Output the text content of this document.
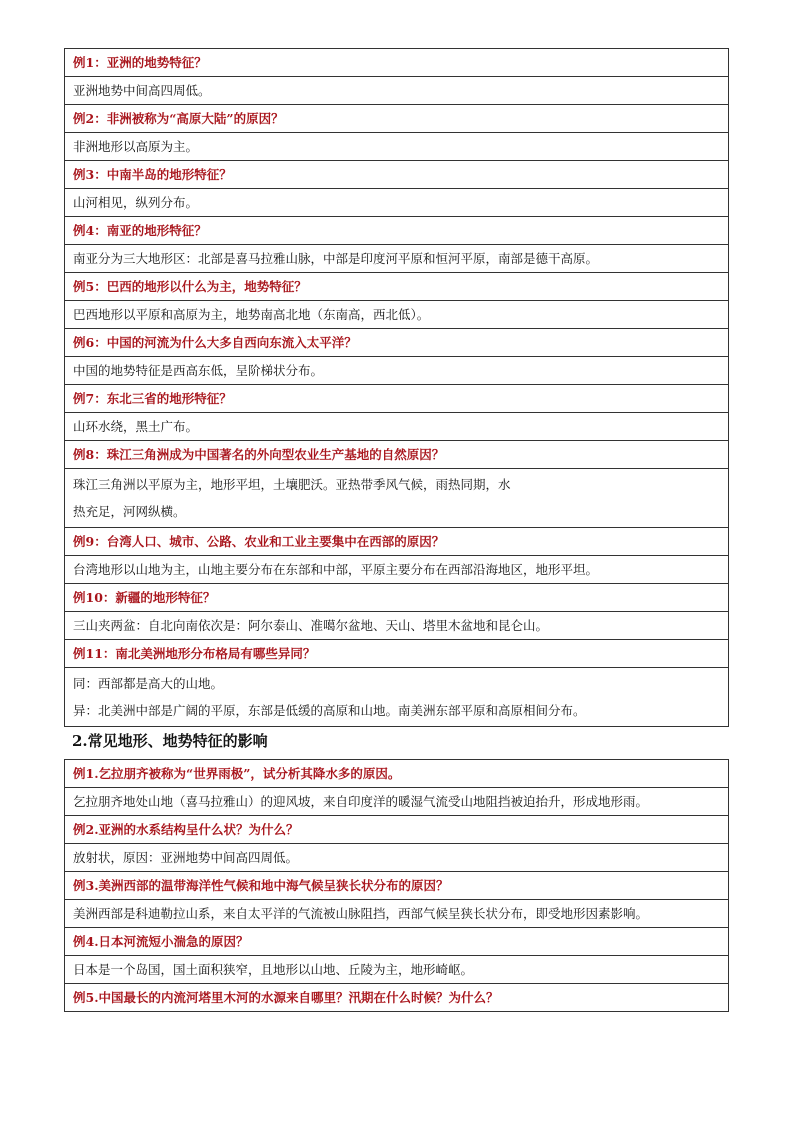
例1：亚洲的地势特征？
亚洲地势中间高四周低。
例2：非洲被称为“高原大陆”的原因？
非洲地形以高原为主。
例3：中南半岛的地形特征？
山河相见，纵列分布。
例4：南亚的地形特征？
南亚分为三大地形区：北部是喜马拉雅山脉，中部是印度河平原和恒河平原，南部是德干高原。
例5：巴西的地形以什么为主，地势特征？
巴西地形以平原和高原为主，地势南高北地（东南高，西北低）。
例6：中国的河流为什么大多自西向东流入太平洋？
中国的地势特征是西高东低，呈阶梯状分布。
例7：东北三省的地形特征？
山环水绕，黑土广布。
例8：珠江三角洲成为中国著名的外向型农业生产基地的自然原因？

珠江三角洲以平原为主，地形平坦，土壤肥沃。亚热带季风气候，雨热同期，水
热充足，河网纵横。

例9：台湾人口、城市、公路、农业和工业主要集中在西部的原因？
台湾地形以山地为主，山地主要分布在东部和中部，平原主要分布在西部沿海地区，地形平坦。
例10：新疆的地形特征？
三山夹两盆：自北向南依次是：阿尔泰山、准噶尔盆地、天山、塔里木盆地和昆仑山。
例11：南北美洲地形分布格局有哪些异同？

同：西部都是高大的山地。
异：北美洲中部是广阔的平原，东部是低缓的高原和山地。南美洲东部平原和高原相间分布。
2.常见地形、地势特征的影响
例1.乞拉朋齐被称为“世界雨极”，试分析其降水多的原因。
乞拉朋齐地处山地（喜马拉雅山）的迎风坡，来自印度洋的暖湿气流受山地阻挡被迫抬升，形成地形雨。
例2.亚洲的水系结构呈什么状？为什么？
放射状，原因：亚洲地势中间高四周低。
例3.美洲西部的温带海洋性气候和地中海气候呈狭长状分布的原因？
美洲西部是科迪勒拉山系，来自太平洋的气流被山脉阻挡，西部气候呈狭长状分布，即受地形因素影响。
例4.日本河流短小湍急的原因？
日本是一个岛国，国土面积狭窄，且地形以山地、丘陵为主，地形崎岖。
例5.中国最长的内流河塔里木河的水源来自哪里？汛期在什么时候？为什么？
